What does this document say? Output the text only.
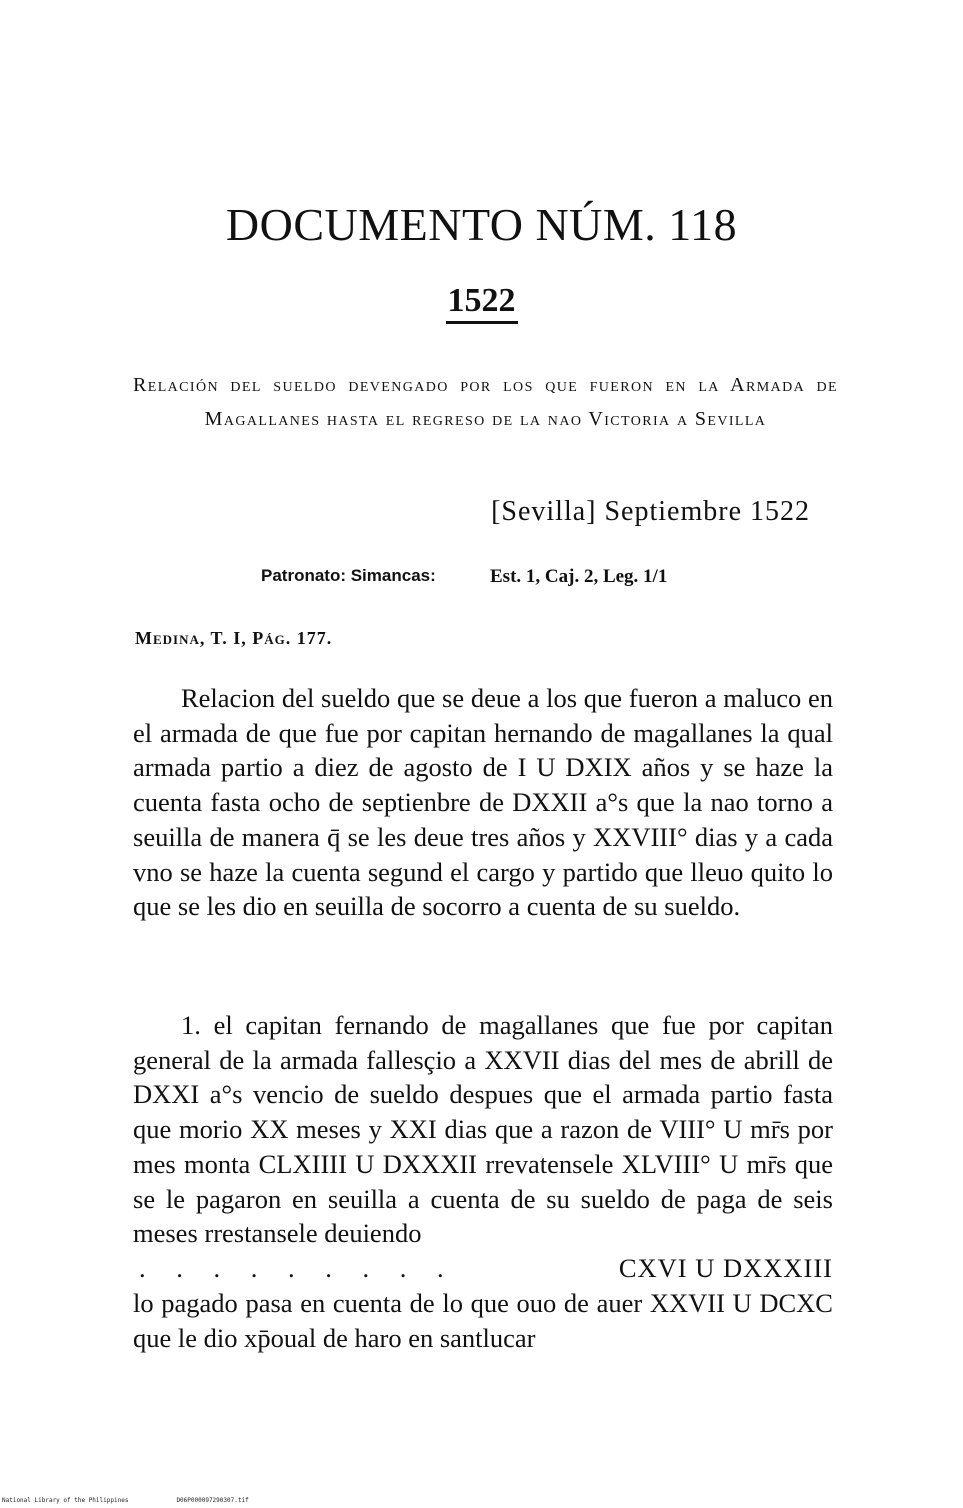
DOCUMENTO NÚM. 118
1522
Relación del sueldo devengado por los que fueron en la Armada de Magallanes hasta el regreso de la nao Victoria a Sevilla
[Sevilla] Septiembre 1522
Patronato: Simancas:	Est. 1, Caj. 2, Leg. 1/1
Medina, T. I, Pág. 177.

Relacion del sueldo que se deue a los que fueron a maluco en el armada de que fue por capitan hernando de magallanes la qual armada partio a diez de agosto de I U DXIX años y se haze la cuenta fasta ocho de septienbre de DXXII a°s que la nao torno a seuilla de manera q̄ se les deue tres años y XXVIII° dias y a cada vno se haze la cuenta segund el cargo y partido que lleuo quito lo que se les dio en seuilla de socorro a cuenta de su sueldo.

1. el capitan fernando de magallanes que fue por capitan general de la armada fallesçio a XXVII dias del mes de abrill de DXXI a°s vencio de sueldo despues que el armada partio fasta que morio XX meses y XXI dias que a razon de VIII° U mr̄s por mes monta CLXIIII U DXXXII rrevatensele XLVIII° U mr̄s que se le pagaron en seuilla a cuenta de su sueldo de paga de seis meses rrestansele deuiendo

. . . . . . . . .	CXVI U DXXXIII

lo pagado pasa en cuenta de lo que ouo de auer XXVII U DCXC que le dio xp̄oual de haro en santlucar

National Library of the Philippines	D06P000097290307.tif
